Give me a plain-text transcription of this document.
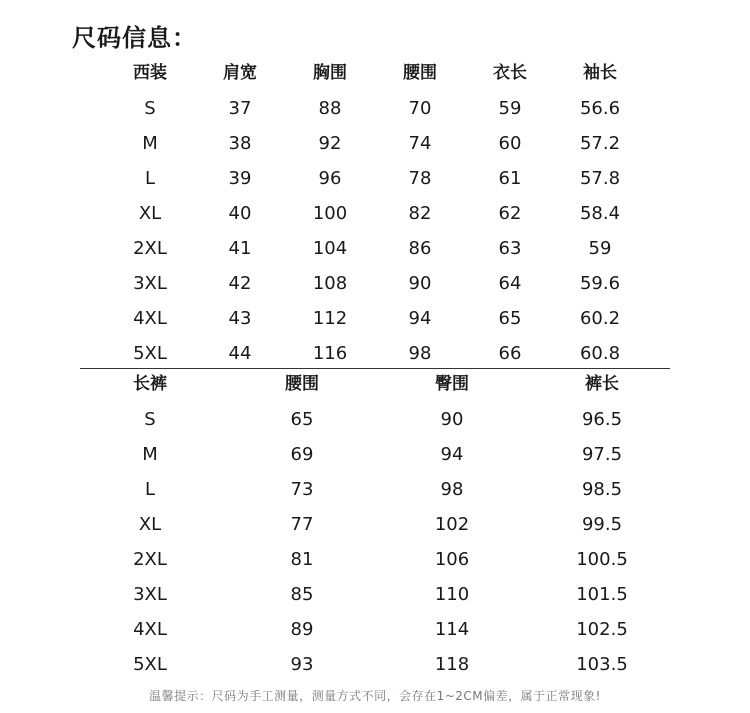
尺码信息：
西装	肩宽	胸围	腰围	衣长	袖长
S	37	88	70	59	56.6
M	38	92	74	60	57.2
L	39	96	78	61	57.8
XL	40	100	82	62	58.4
2XL	41	104	86	63	59
3XL	42	108	90	64	59.6
4XL	43	112	94	65	60.2
5XL	44	116	98	66	60.8
长裤	腰围	臀围	裤长
S	65	90	96.5
M	69	94	97.5
L	73	98	98.5
XL	77	102	99.5
2XL	81	106	100.5
3XL	85	110	101.5
4XL	89	114	102.5
5XL	93	118	103.5
温馨提示：尺码为手工测量，测量方式不同，会存在1~2CM偏差，属于正常现象!
